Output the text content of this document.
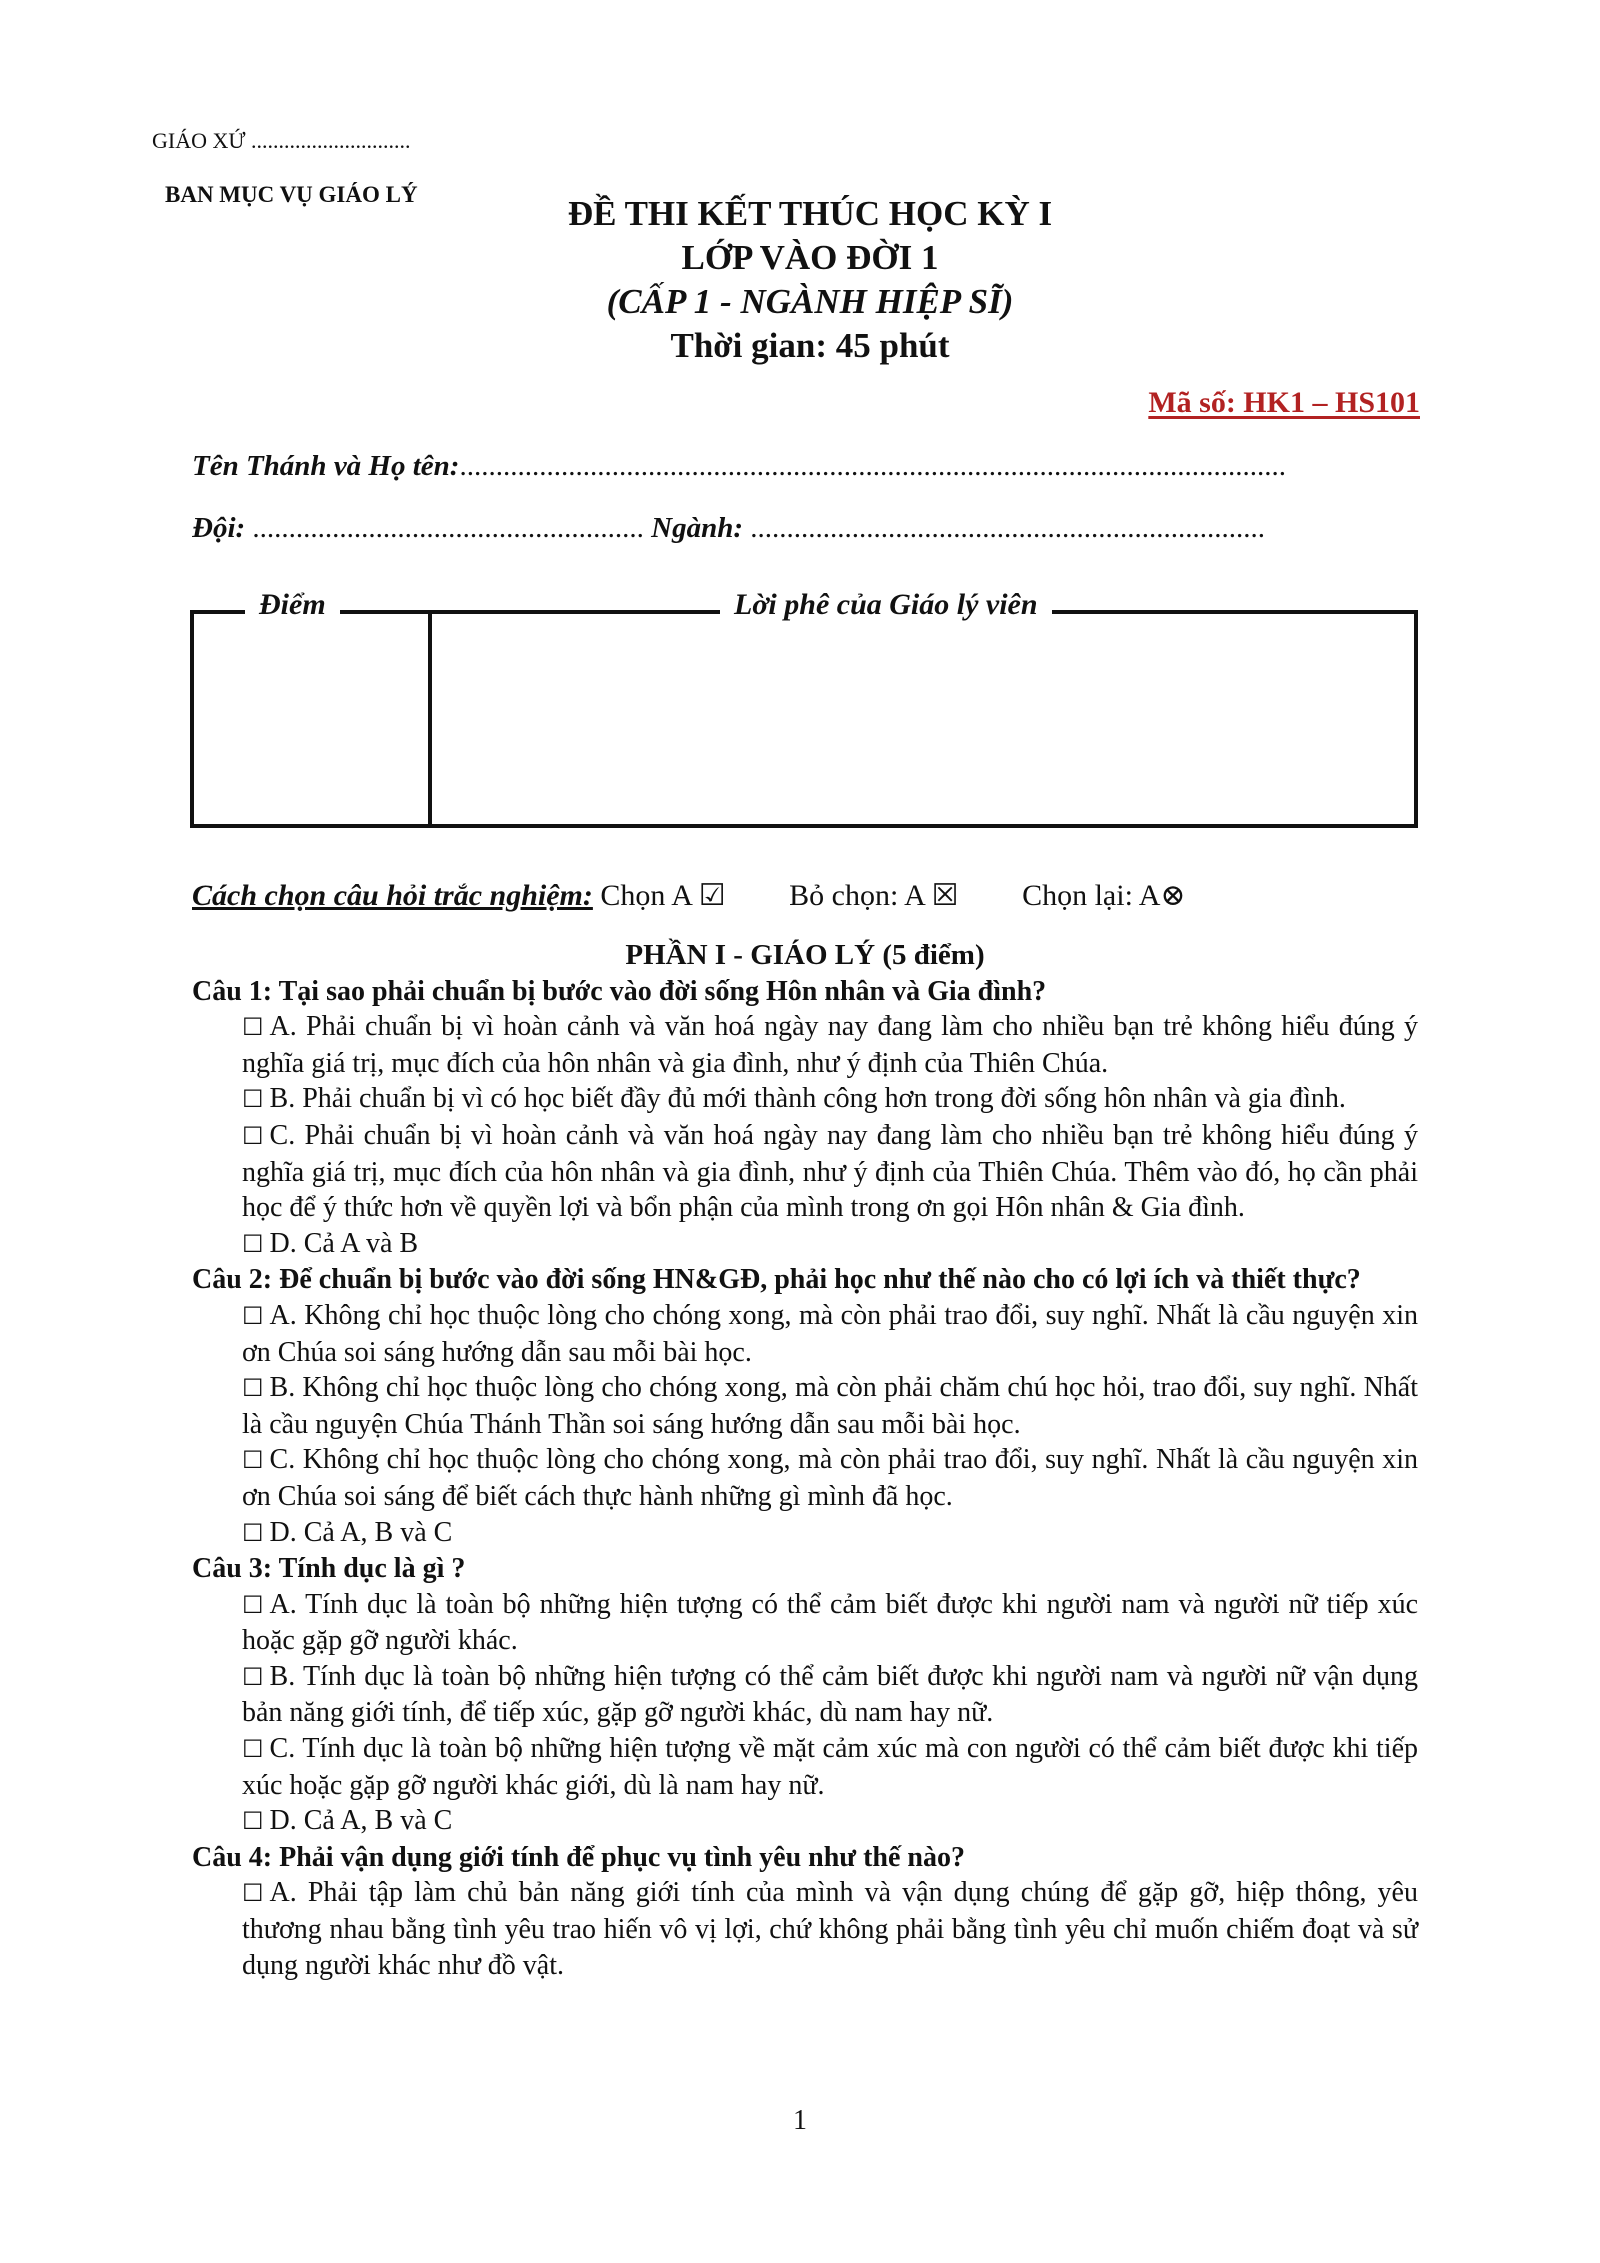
GIÁO XỨ .............................
BAN MỤC VỤ GIÁO LÝ	ĐỀ THI KẾT THÚC HỌC KỲ I
LỚP VÀO ĐỜI 1
(CẤP 1 - NGÀNH HIỆP SĨ)
Thời gian: 45 phút
Mã số: HK1 – HS101
Tên Thánh và Họ tên:..................................................................................................................
Đội: ...................................................... Ngành: .......................................................................
Điểm	Lời phê của Giáo lý viên
Cách chọn câu hỏi trắc nghiệm: Chọn A ☑ Bỏ chọn: A ☒ Chọn lại: A⊗
PHẦN I - GIÁO LÝ (5 điểm)
Câu 1: Tại sao phải chuẩn bị bước vào đời sống Hôn nhân và Gia đình?
☐ A. Phải chuẩn bị vì hoàn cảnh và văn hoá ngày nay đang làm cho nhiều bạn trẻ không hiểu đúng ý nghĩa giá trị, mục đích của hôn nhân và gia đình, như ý định của Thiên Chúa.
☐ B. Phải chuẩn bị vì có học biết đầy đủ mới thành công hơn trong đời sống hôn nhân và gia đình.
☐ C. Phải chuẩn bị vì hoàn cảnh và văn hoá ngày nay đang làm cho nhiều bạn trẻ không hiểu đúng ý nghĩa giá trị, mục đích của hôn nhân và gia đình, như ý định của Thiên Chúa. Thêm vào đó, họ cần phải học để ý thức hơn về quyền lợi và bổn phận của mình trong ơn gọi Hôn nhân & Gia đình.
☐ D. Cả A và B
Câu 2: Để chuẩn bị bước vào đời sống HN&GĐ, phải học như thế nào cho có lợi ích và thiết thực?
☐ A. Không chỉ học thuộc lòng cho chóng xong, mà còn phải trao đổi, suy nghĩ. Nhất là cầu nguyện xin ơn Chúa soi sáng hướng dẫn sau mỗi bài học.
☐ B. Không chỉ học thuộc lòng cho chóng xong, mà còn phải chăm chú học hỏi, trao đổi, suy nghĩ. Nhất là cầu nguyện Chúa Thánh Thần soi sáng hướng dẫn sau mỗi bài học.
☐ C. Không chỉ học thuộc lòng cho chóng xong, mà còn phải trao đổi, suy nghĩ. Nhất là cầu nguyện xin ơn Chúa soi sáng để biết cách thực hành những gì mình đã học.
☐ D. Cả A, B và C
Câu 3: Tính dục là gì ?
☐ A. Tính dục là toàn bộ những hiện tượng có thể cảm biết được khi người nam và người nữ tiếp xúc hoặc gặp gỡ người khác.
☐ B. Tính dục là toàn bộ những hiện tượng có thể cảm biết được khi người nam và người nữ vận dụng bản năng giới tính, để tiếp xúc, gặp gỡ người khác, dù nam hay nữ.
☐ C. Tính dục là toàn bộ những hiện tượng về mặt cảm xúc mà con người có thể cảm biết được khi tiếp xúc hoặc gặp gỡ người khác giới, dù là nam hay nữ.
☐ D. Cả A, B và C
Câu 4: Phải vận dụng giới tính để phục vụ tình yêu như thế nào?
☐ A. Phải tập làm chủ bản năng giới tính của mình và vận dụng chúng để gặp gỡ, hiệp thông, yêu thương nhau bằng tình yêu trao hiến vô vị lợi, chứ không phải bằng tình yêu chỉ muốn chiếm đoạt và sử dụng người khác như đồ vật.
1
